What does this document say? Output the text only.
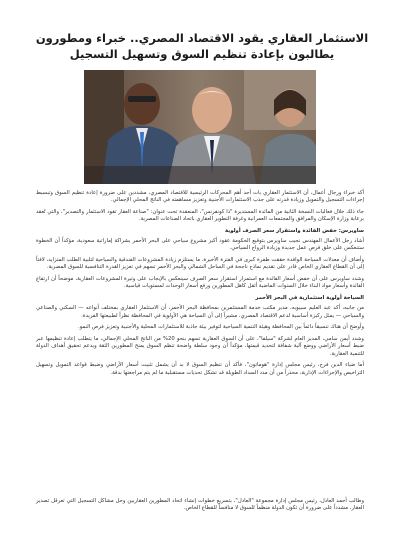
الاستثمار العقاري يقود الاقتصاد المصري.. خبراء ومطورون يطالبون بإعادة تنظيم السوق وتسهيل التسجيل

أكد خبراء ورجال أعمال، أن الاستثمار العقاري بات أحد أهم المحركات الرئيسية للاقتصاد المصري، مشددين على ضرورة إعادة تنظيم السوق وتبسيط إجراءات التسجيل والتمويل وزيادة قدرته على جذب الاستثمارات الأجنبية وتعزيز مساهمته في الناتج المحلي الإجمالي.

جاء ذلك خلال فعاليات النسخة الثانية من المائدة المستديرة "ذا كونفرنس"، المنعقدة تحت عنوان: "صناعة العقار تقود الاستثمار والتصدير"، والتي تُعقد برعاية وزارة الإسكان والمرافق والمجتمعات العمرانية وغرفة التطوير العقاري باتحاد الصناعات المصرية.

ساويرس: خفض الفائدة واستقرار سعر الصرف أولوية

أشاد رجل الأعمال المهندس نجيب ساويرس بتوقيع الحكومة عقود أكبر مشروع سياحي على البحر الأحمر بشراكة إماراتية سعودية، مؤكداً أن الخطوة ستنعكس على خلق فرص عمل جديدة وزيادة الرواج السياحي.

وأضاف أن معدلات السياحة الوافدة حققت طفرة كبرى في الفترة الأخيرة، ما يستلزم زيادة المشروعات الفندقية والسياحية لتلبية الطلب المتزايد، لافتاً إلى أن القطاع العقاري الخاص قادر على تقديم نماذج ناجحة في الساحل الشمالي والبحر الأحمر تسهم في تعزيز القدرة التنافسية للسوق المصرية.

وشدد ساويرس على أن خفض أسعار الفائدة مع استمرار استقرار سعر الصرف سينعكس بالإيجاب على وتيرة المشروعات العقارية، موضحاً أن ارتفاع الفائدة وأسعار مواد البناء خلال السنوات الماضية أثقل كاهل المطورين ورفع أسعار الوحدات لمستويات قياسية.

السياحة أولوية استثمارية في البحر الأحمر

من جانبه، أكد عبد العليم سيبويه، مدير مكتب خدمة المستثمرين بمحافظة البحر الأحمر، أن الاستثمار العقاري بمختلف أنواعه — السكني والصناعي والسياحي — يمثل ركيزة أساسية لدعم الاقتصاد المصري، مشيراً إلى أن السياحة هي الأولوية في المحافظة نظراً لطبيعتها الفريدة.

وأوضح أن هناك تنسيقاً دائماً بين المحافظة وهيئة التنمية السياحية لتوفير بيئة جاذبة للاستثمارات المحلية والأجنبية وتعزيز فرص النمو.

وشدد أيمن سامي، المدير العام لشركة "سيلفا"، على أن السوق العقارية تسهم بنحو 20% من الناتج المحلي الإجمالي، ما يتطلب إعادة تنظيمها عبر ضبط أسعار الأراضي ووضع آلية شفافة لتحديد قيمتها، مؤكداً أن وجود سلطة واضحة تنظم السوق يمنح المطورين الثقة ويدعم تحقيق أهداف الدولة للتنمية العقارية.

أما ضياء الدين فرج، رئيس مجلس إدارة "هوماتون"، فأكد أن تنظيم السوق لا بد أن يشمل تثبيت أسعار الأراضي وضبط قواعد التمويل وتسهيل التراخيص والإجراءات الإدارية، محذراً من أن مدد السداد الطويلة قد تشكل تحديات مستقبلية ما لم يتم مراجعتها بدقة.

وطالب أحمد العادل، رئيس مجلس إدارة مجموعة "العادل"، بتسريع خطوات إنشاء اتحاد المطورين العقاريين وحل مشاكل التسجيل التي تعرقل تصدير العقار، مشدداً على ضرورة أن تكون الدولة منظماً للسوق لا منافساً للقطاع الخاص.
